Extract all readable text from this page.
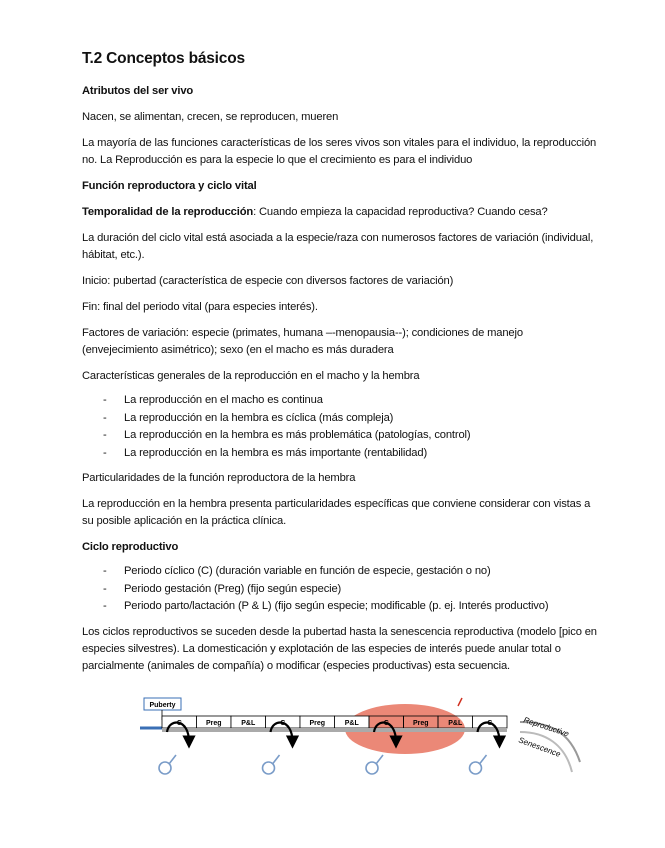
T.2 Conceptos básicos

Atributos del ser vivo

Nacen, se alimentan, crecen, se reproducen, mueren

La mayoría de las funciones características de los seres vivos son vitales para el individuo, la reproducción
no. La Reproducción es para la especie lo que el crecimiento es para el individuo

Función reproductora y ciclo vital

Temporalidad de la reproducción: Cuando empieza la capacidad reproductiva? Cuando cesa?

La duración del ciclo vital está asociada a la especie/raza con numerosos factores de variación (individual,
hábitat, etc.).

Inicio: pubertad (característica de especie con diversos factores de variación)

Fin: final del periodo vital (para especies interés).

Factores de variación: especie (primates, humana –-menopausia--); condiciones de manejo
(envejecimiento asimétrico); sexo (en el macho es más duradera

Características generales de la reproducción en el macho y la hembra

- La reproducción en el macho es continua
- La reproducción en la hembra es cíclica (más compleja)
- La reproducción en la hembra es más problemática (patologías, control)
- La reproducción en la hembra es más importante (rentabilidad)

Particularidades de la función reproductora de la hembra

La reproducción en la hembra presenta particularidades específicas que conviene considerar con vistas a
su posible aplicación en la práctica clínica.

Ciclo reproductivo

- Periodo cíclico (C) (duración variable en función de especie, gestación o no)
- Periodo gestación (Preg) (fijo según especie)
- Periodo parto/lactación (P & L) (fijo según especie; modificable (p. ej. Interés productivo)

Los ciclos reproductivos se suceden desde la pubertad hasta la senescencia reproductiva (modelo [pico en
especies silvestres). La domesticación y explotación de las especies de interés puede anular total o
parcialmente (animales de compañía) o modificar (especies productivas) esta secuencia.

Puberty
C	Preg	P&L	C	Preg	P&L	C	Preg	P&L	C	Reproductive
Senescence
